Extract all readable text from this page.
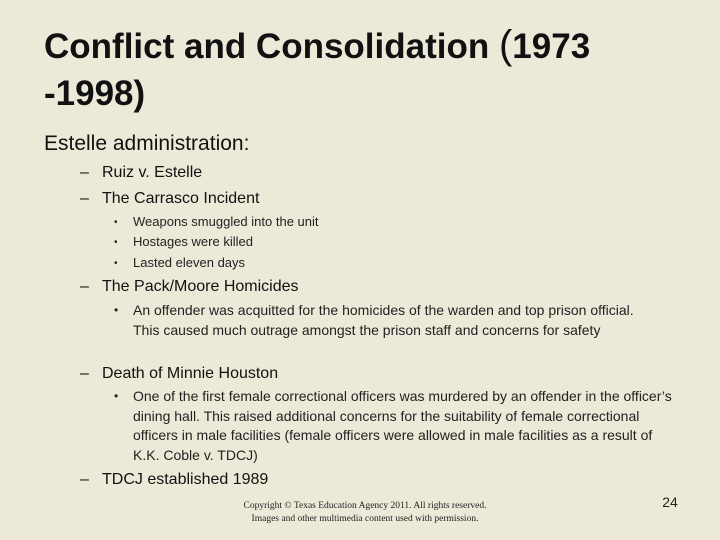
Conflict and Consolidation (1973
-1998)
Estelle administration:
– Ruiz v. Estelle
– The Carrasco Incident
• Weapons smuggled into the unit
• Hostages were killed
• Lasted eleven days
– The Pack/Moore Homicides
•	An offender was acquitted for the homicides of the warden and top prison official. This caused much outrage amongst the prison staff and concerns for safety
– Death of Minnie Houston
•	One of the first female correctional officers was murdered by an offender in the officer’s dining hall. This raised additional concerns for the suitability of female correctional officers in male facilities (female officers were allowed in male facilities as a result of K.K. Coble v. TDCJ)
– TDCJ established 1989
Copyright © Texas Education Agency 2011. All rights reserved.
Images and other multimedia content used with permission.
24
